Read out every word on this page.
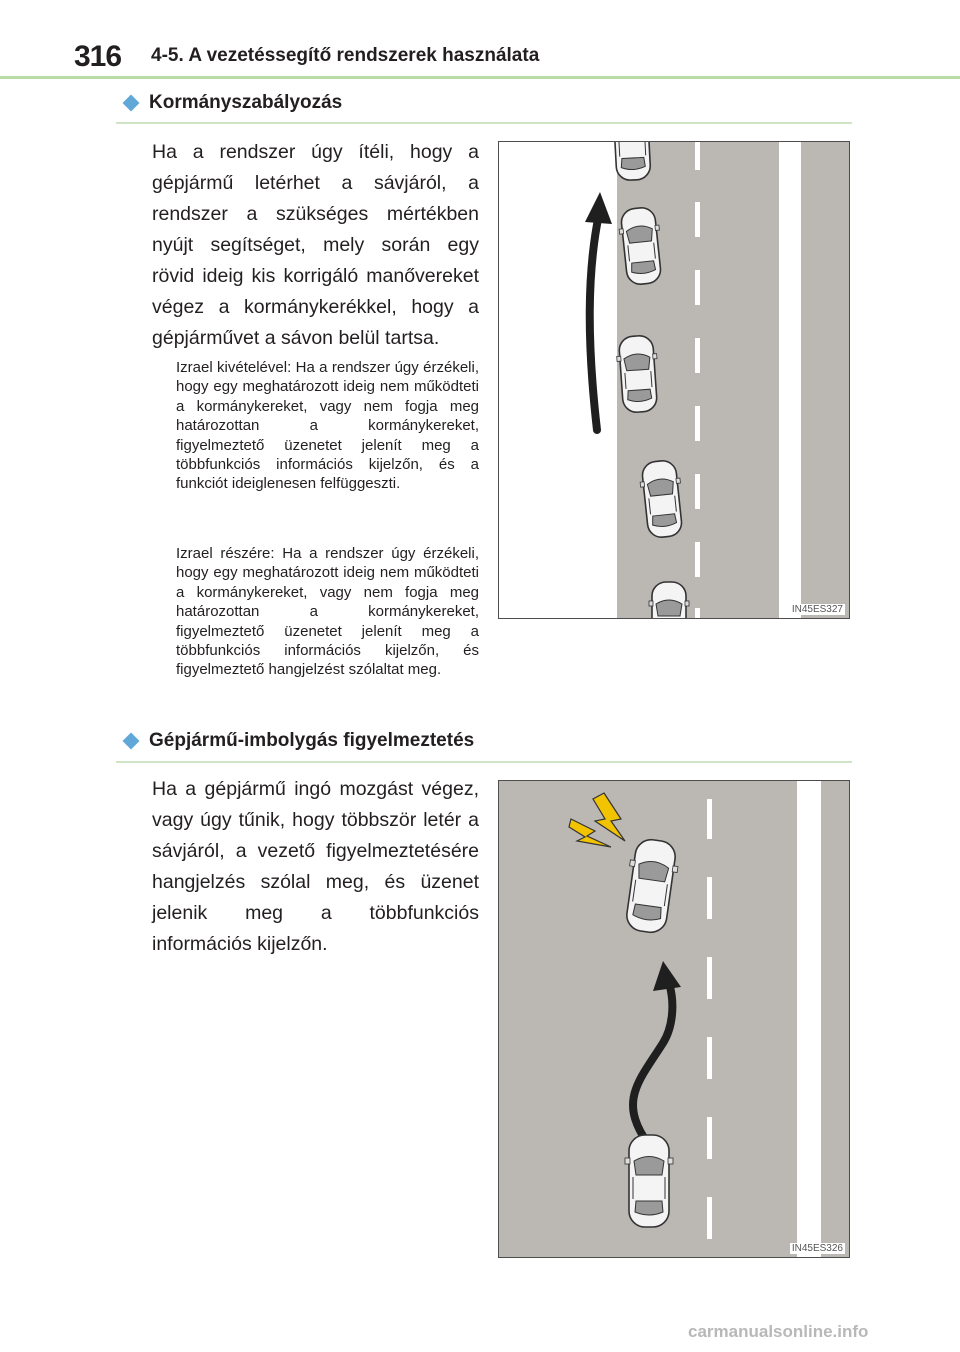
316 4-5. A vezetéssegítő rendszerek használata
Kormányszabályozás
Ha a rendszer úgy ítéli, hogy a gépjármű letérhet a sávjáról, a rendszer a szükséges mértékben nyújt segítséget, mely során egy rövid ideig kis korrigáló manővereket végez a kormánykerékkel, hogy a gépjárművet a sávon belül tartsa.
Izrael kivételével: Ha a rendszer úgy érzékeli, hogy egy meghatározott ideig nem működteti a kormánykereket, vagy nem fogja meg határozottan a kormánykereket, figyelmeztető üzenetet jelenít meg a többfunkciós információs kijelzőn, és a funkciót ideiglenesen felfüggeszti.
Izrael részére: Ha a rendszer úgy érzékeli, hogy egy meghatározott ideig nem működteti a kormánykereket, vagy nem fogja meg határozottan a kormánykereket, figyelmeztető üzenetet jelenít meg a többfunkciós információs kijelzőn, és figyelmeztető hangjelzést szólaltat meg.
IN45ES327
Gépjármű-imbolygás figyelmeztetés
Ha a gépjármű ingó mozgást végez, vagy úgy tűnik, hogy többször letér a sávjáról, a vezető figyelmeztetésére hangjelzés szólal meg, és üzenet jelenik meg a többfunkciós információs kijelzőn.
IN45ES326
carmanualsonline.info
